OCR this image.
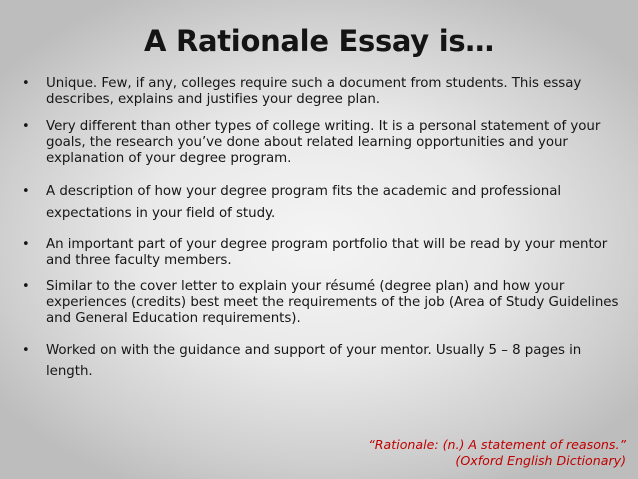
A Rationale Essay is…
• Unique. Few, if any, colleges require such a document from students. This essay describes, explains and justifies your degree plan.
• Very different than other types of college writing. It is a personal statement of your goals, the research you’ve done about related learning opportunities and your explanation of your degree program.
• A description of how your degree program fits the academic and professional expectations in your field of study.
• An important part of your degree program portfolio that will be read by your mentor and three faculty members.
• Similar to the cover letter to explain your résumé (degree plan) and how your experiences (credits) best meet the requirements of the job (Area of Study Guidelines and General Education requirements).
• Worked on with the guidance and support of your mentor. Usually 5 – 8 pages in length.
“Rationale: (n.) A statement of reasons.”
(Oxford English Dictionary)
